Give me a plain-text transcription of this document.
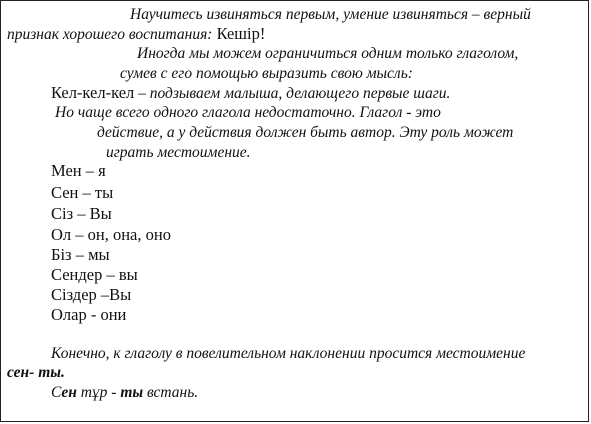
Научитесь извиняться первым, умение извиняться – верный
признак хорошего воспитания: Кешір!
Иногда мы можем ограничиться одним только глаголом,
сумев с его помощью выразить свою мысль:
Кел-кел-кел – подзываем малыша, делающего первые шаги.
Но чаще всего одного глагола недостаточно. Глагол - это
действие, а у действия должен быть автор. Эту роль может
играть местоимение.
Мен – я
Сен – ты
Сіз – Вы
Ол – он, она, оно
Біз – мы
Сендер – вы
Сіздер –Вы
Олар - они
Конечно, к глаголу в повелительном наклонении просится местоимение
сен- ты.
Сен тұр - ты встань.
